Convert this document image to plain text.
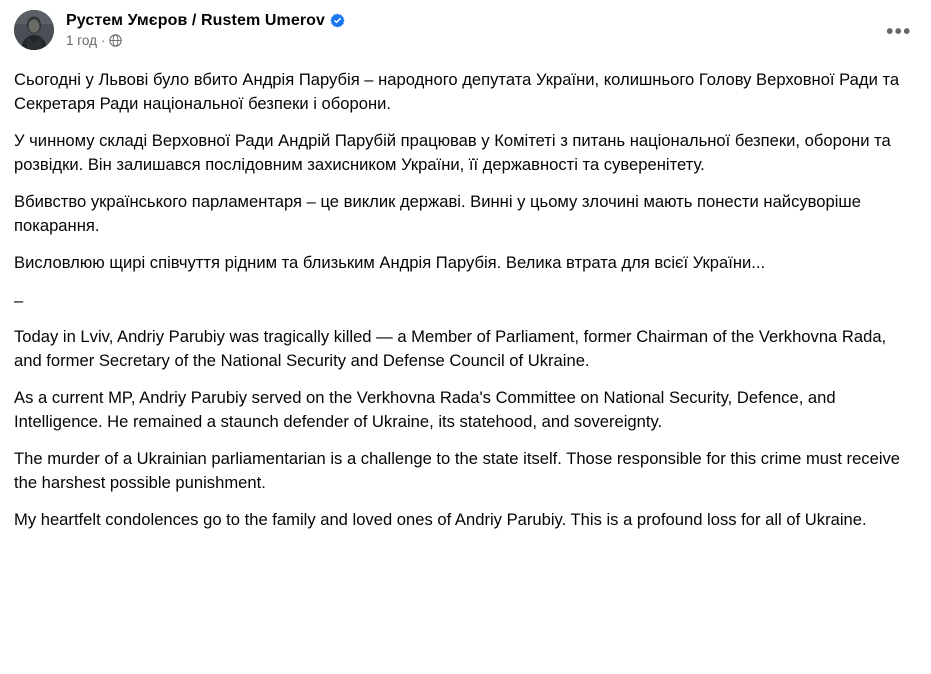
Рустем Умєров / Rustem Umerov
1 год ·	•••

Сьогодні у Львові було вбито Андрія Парубія – народного депутата України, колишнього Голову Верховної Ради та Секретаря Ради національної безпеки і оборони.

У чинному складі Верховної Ради Андрій Парубій працював у Комітеті з питань національної безпеки, оборони та розвідки. Він залишався послідовним захисником України, її державності та суверенітету.

Вбивство українського парламентаря – це виклик державі. Винні у цьому злочині мають понести найсуворіше покарання.

Висловлюю щирі співчуття рідним та близьким Андрія Парубія. Велика втрата для всієї України...

–

Today in Lviv, Andriy Parubiy was tragically killed — a Member of Parliament, former Chairman of the Verkhovna Rada, and former Secretary of the National Security and Defense Council of Ukraine.

As a current MP, Andriy Parubiy served on the Verkhovna Rada's Committee on National Security, Defence, and Intelligence. He remained a staunch defender of Ukraine, its statehood, and sovereignty.

The murder of a Ukrainian parliamentarian is a challenge to the state itself. Those responsible for this crime must receive the harshest possible punishment.

My heartfelt condolences go to the family and loved ones of Andriy Parubiy. This is a profound loss for all of Ukraine.
